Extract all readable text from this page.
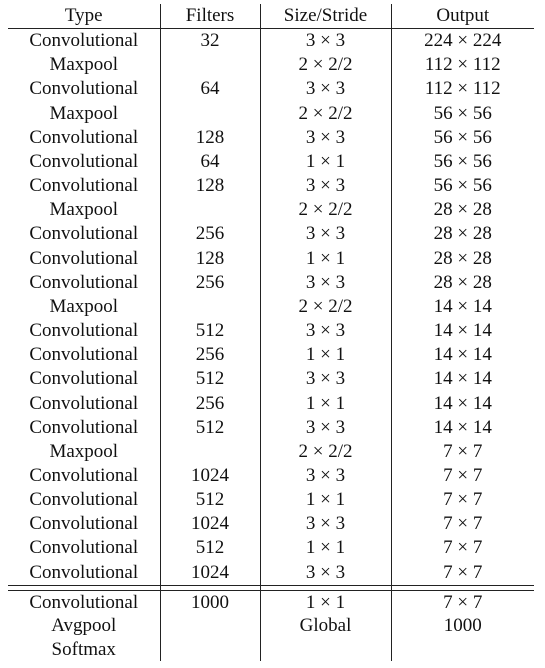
Type	Filters	Size/Stride	Output
Convolutional	32	3 × 3	224 × 224
Maxpool		2 × 2/2	112 × 112
Convolutional	64	3 × 3	112 × 112
Maxpool		2 × 2/2	56 × 56
Convolutional	128	3 × 3	56 × 56
Convolutional	64	1 × 1	56 × 56
Convolutional	128	3 × 3	56 × 56
Maxpool		2 × 2/2	28 × 28
Convolutional	256	3 × 3	28 × 28
Convolutional	128	1 × 1	28 × 28
Convolutional	256	3 × 3	28 × 28
Maxpool		2 × 2/2	14 × 14
Convolutional	512	3 × 3	14 × 14
Convolutional	256	1 × 1	14 × 14
Convolutional	512	3 × 3	14 × 14
Convolutional	256	1 × 1	14 × 14
Convolutional	512	3 × 3	14 × 14
Maxpool		2 × 2/2	7 × 7
Convolutional	1024	3 × 3	7 × 7
Convolutional	512	1 × 1	7 × 7
Convolutional	1024	3 × 3	7 × 7
Convolutional	512	1 × 1	7 × 7
Convolutional	1024	3 × 3	7 × 7

Convolutional	1000	1 × 1	7 × 7
Avgpool		Global	1000
Softmax			
